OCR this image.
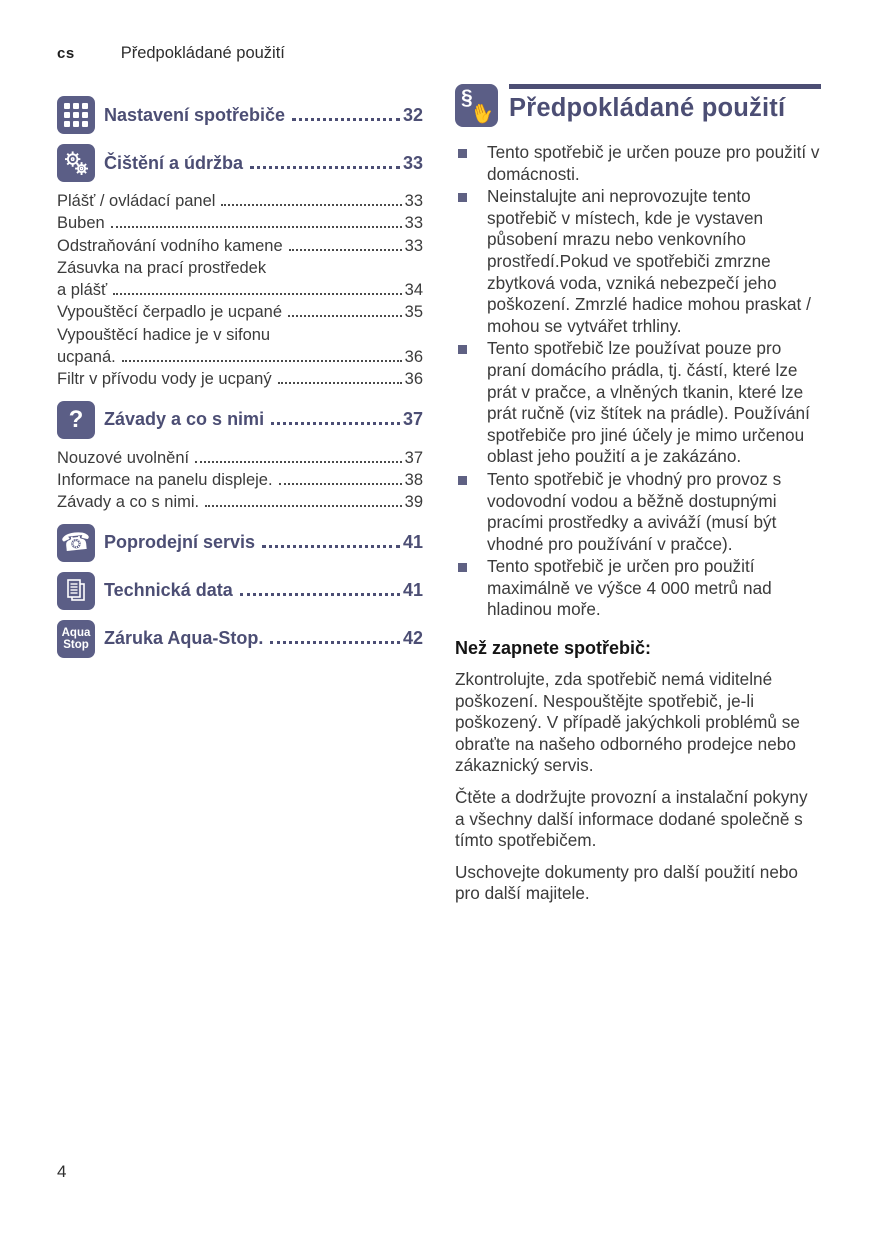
cs	Předpokládané použití
Nastavení spotřebiče	32
Čištění a údržba	33
Plášť / ovládací panel	33
Buben	33
Odstraňování vodního kamene	33
Zásuvka na prací prostředek
a plášť	34
Vypouštěcí čerpadlo je ucpané	35
Vypouštěcí hadice je v sifonu
ucpaná.	36
Filtr v přívodu vody je ucpaný	36
? Závady a co s nimi	37
Nouzové uvolnění	37
Informace na panelu displeje.	38
Závady a co s nimi.	39
☎ Poprodejní servis	41
Technická data	41
Aqua
Stop Záruka Aqua-Stop.	42
§
✋ Předpokládané použití
Tento spotřebič je určen pouze pro použití v domácnosti.
Neinstalujte ani neprovozujte tento spotřebič v místech, kde je vystaven působení mrazu nebo venkovního prostředí.Pokud ve spotřebiči zmrzne zbytková voda, vzniká nebezpečí jeho poškození. Zmrzlé hadice mohou praskat / mohou se vytvářet trhliny.
Tento spotřebič lze používat pouze pro praní domácího prádla, tj. částí, které lze prát v pračce, a vlněných tkanin, které lze prát ručně (viz štítek na prádle). Používání spotřebiče pro jiné účely je mimo určenou oblast jeho použití a je zakázáno.
Tento spotřebič je vhodný pro provoz s vodovodní vodou a běžně dostupnými pracími prostředky a aviváží (musí být vhodné pro používání v pračce).
Tento spotřebič je určen pro použití maximálně ve výšce 4 000 metrů nad hladinou moře.
Než zapnete spotřebič:

Zkontrolujte, zda spotřebič nemá viditelné poškození. Nespouštějte spotřebič, je-li poškozený. V případě jakýchkoli problémů se obraťte na našeho odborného prodejce nebo zákaznický servis.

Čtěte a dodržujte provozní a instalační pokyny a všechny další informace dodané společně s tímto spotřebičem.

Uschovejte dokumenty pro další použití nebo pro další majitele.

4
